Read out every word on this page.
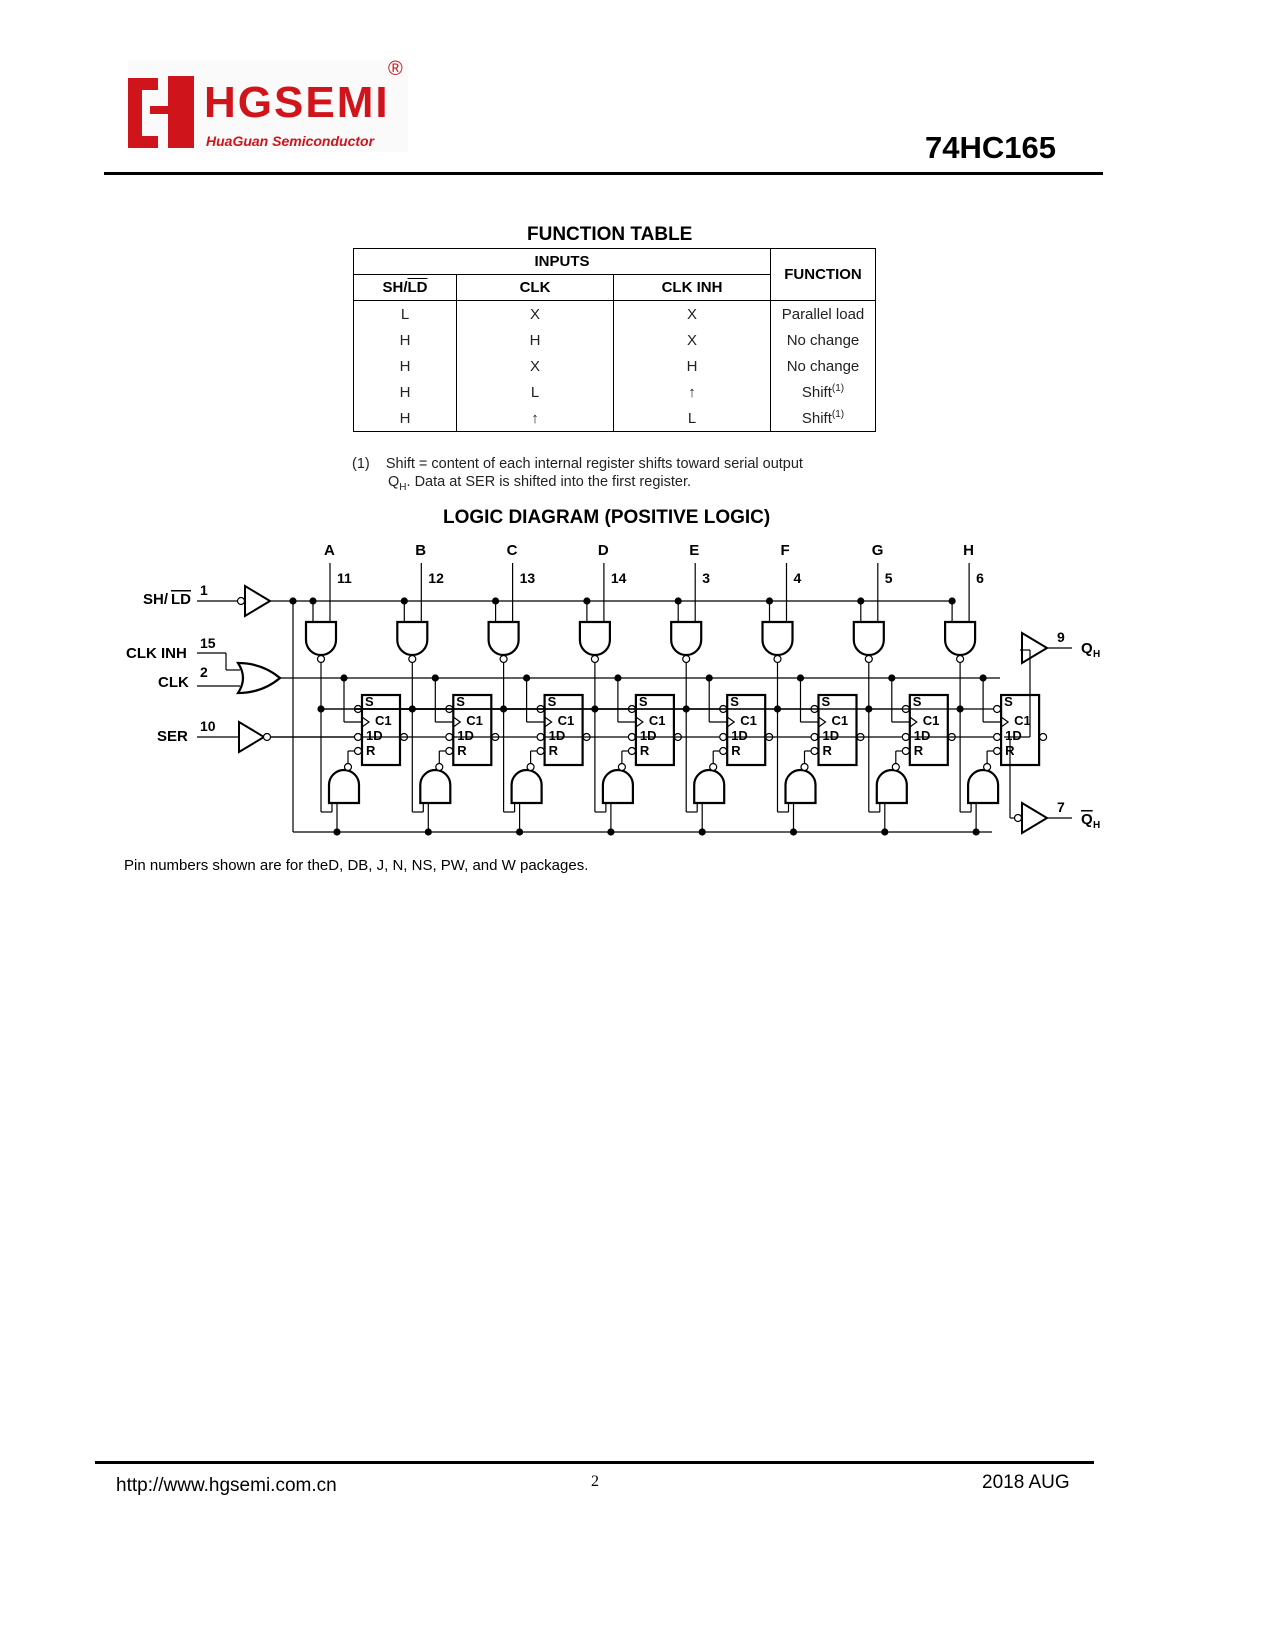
HGSEMI
HuaGuan Semiconductor
®
74HC165
FUNCTION TABLE
INPUTS			FUNCTION
$SH/\overline{LD}$	CLK	CLK INH	
L	X	X	Parallel load
H	H	X	No change
H	X	H	No change
H	L	↑	Shift$^{(1)}$
H	↑	L	Shift$^{(1)}$
(1) Shift = content of each internal register shifts toward serial output
$Q_H$. Data at SER is shifted into the first register.
LOGIC DIAGRAM (POSITIVE LOGIC)
SH/ LD
1
CLK INH
15
CLK
2
SER
10
A
11
S
C1
1D
R
B
12
S
C1
1D
R
C
13
S
C1
1D
R
D
14
S
C1
1D
R
E
3
S
C1
1D
R
F
4
S
C1
1D
R
G
5
S
C1
1D
R
H
6
S
C1
1D
R
9
Q H
7
Q H
Pin numbers shown are for theD, DB, J, N, NS, PW, and W packages.
http://www.hgsemi.com.cn	2	2018 AUG
